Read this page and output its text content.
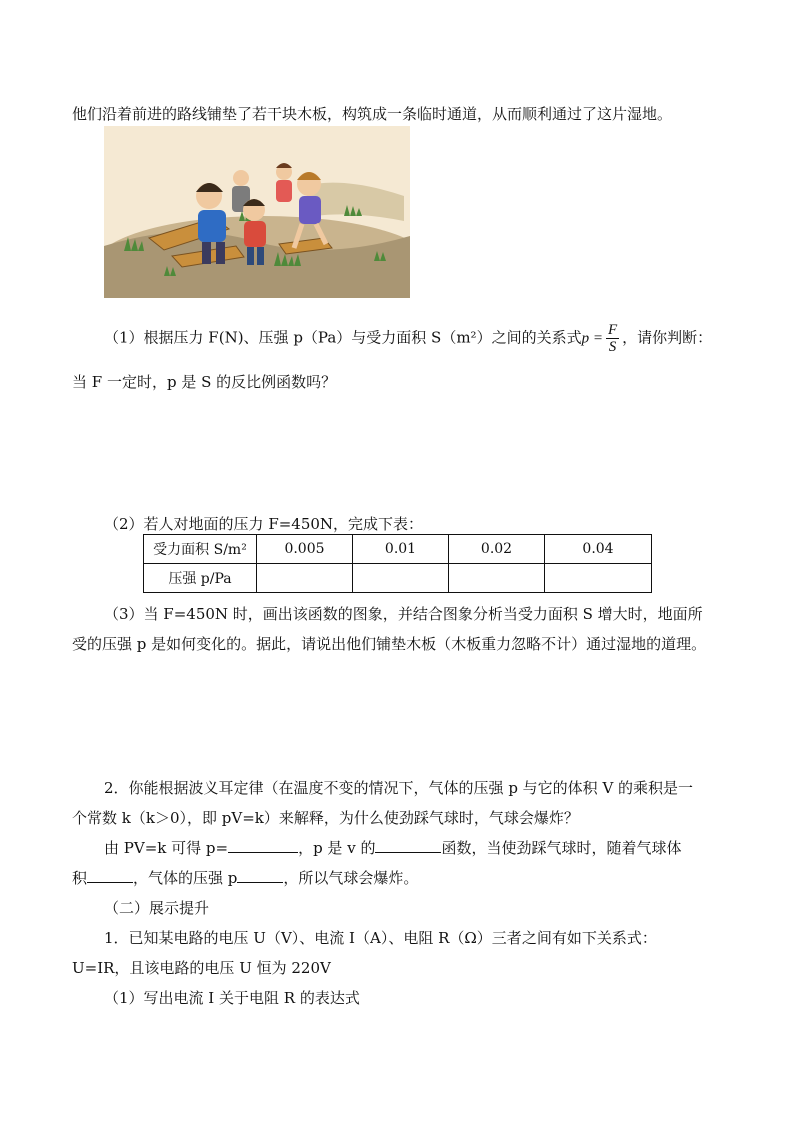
他们沿着前进的路线铺垫了若干块木板，构筑成一条临时通道，从而顺利通过了这片湿地。
（1）根据压力 F(N)、压强 p（Pa）与受力面积 S（m²）之间的关系式$p = \frac{F}{S}$ ，请你判断：
当 F 一定时，p 是 S 的反比例函数吗？
（2）若人对地面的压力 F=450N，完成下表：
受力面积 S/m²	0.005	0.01	0.02	0.04
压强 p/Pa				
（3）当 F=450N 时，画出该函数的图象，并结合图象分析当受力面积 S 增大时，地面所
受的压强 p 是如何变化的。据此，请说出他们铺垫木板（木板重力忽略不计）通过湿地的道理。
2．你能根据波义耳定律（在温度不变的情况下，气体的压强 p 与它的体积 V 的乘积是一
个常数 k（k＞0），即 pV=k）来解释，为什么使劲踩气球时，气球会爆炸？
由 PV=k 可得 p=	，p 是 v 的	函数，当使劲踩气球时，随着气球体
积	，气体的压强 p	，所以气球会爆炸。
（二）展示提升
1．已知某电路的电压 U（V）、电流 I（A）、电阻 R（Ω）三者之间有如下关系式：
U=IR，且该电路的电压 U 恒为 220V
（1）写出电流 I 关于电阻 R 的表达式
